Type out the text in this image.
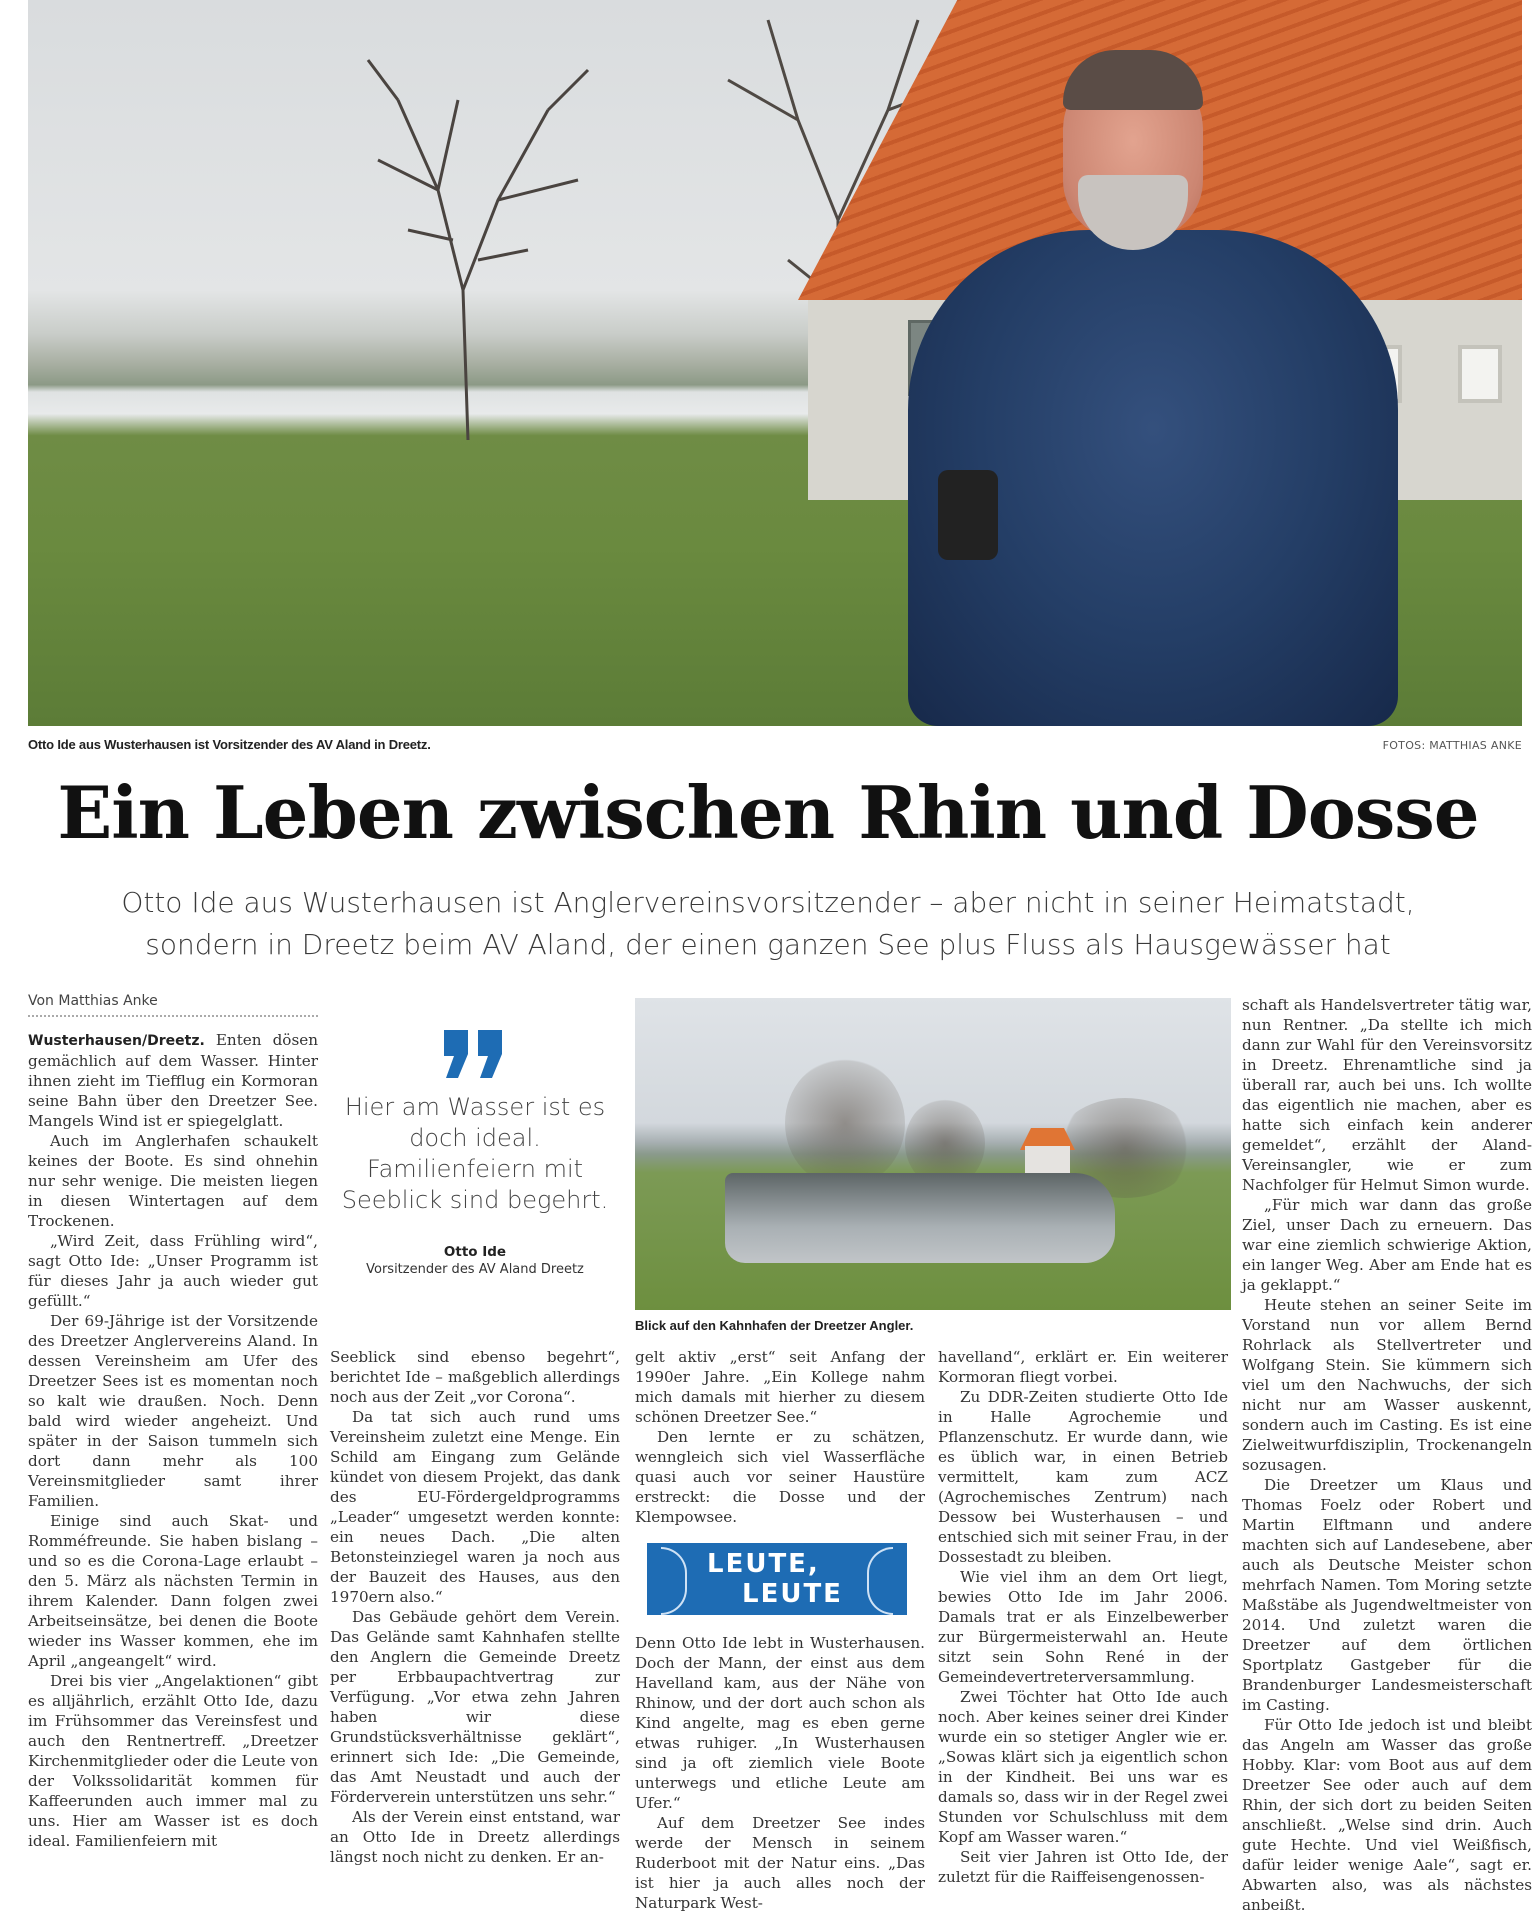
Otto Ide aus Wusterhausen ist Vorsitzender des AV Aland in Dreetz.	FOTOS: MATTHIAS ANKE
Ein Leben zwischen Rhin und Dosse
Otto Ide aus Wusterhausen ist Anglervereinsvorsitzender – aber nicht in seiner Heimatstadt,
sondern in Dreetz beim AV Aland, der einen ganzen See plus Fluss als Hausgewässer hat
Von Matthias Anke

Wusterhausen/Dreetz. Enten dösen gemächlich auf dem Wasser. Hinter ihnen zieht im Tiefflug ein Kormoran seine Bahn über den Dreetzer See. Mangels Wind ist er spiegelglatt.

Auch im Anglerhafen schaukelt keines der Boote. Es sind ohnehin nur sehr wenige. Die meisten liegen in diesen Wintertagen auf dem Trockenen.

„Wird Zeit, dass Frühling wird“, sagt Otto Ide: „Unser Programm ist für dieses Jahr ja auch wieder gut gefüllt.“

Der 69-Jährige ist der Vorsitzende des Dreetzer Anglervereins Aland. In dessen Vereinsheim am Ufer des Dreetzer Sees ist es momentan noch so kalt wie draußen. Noch. Denn bald wird wieder angeheizt. Und später in der Saison tummeln sich dort dann mehr als 100 Vereinsmitglieder samt ihrer Familien.

Einige sind auch Skat- und Romméfreunde. Sie haben bislang – und so es die Corona-Lage erlaubt – den 5. März als nächsten Termin in ihrem Kalender. Dann folgen zwei Arbeitseinsätze, bei denen die Boote wieder ins Wasser kommen, ehe im April „angeangelt“ wird.

Drei bis vier „Angelaktionen“ gibt es alljährlich, erzählt Otto Ide, dazu im Frühsommer das Vereinsfest und auch den Rentnertreff. „Dreetzer Kirchenmitglieder oder die Leute von der Volkssolidarität kommen für Kaffeerunden auch immer mal zu uns. Hier am Wasser ist es doch ideal. Familienfeiern mit

Hier am Wasser ist es doch ideal. Familienfeiern mit Seeblick sind begehrt.
Otto Ide
Vorsitzender des AV Aland Dreetz

Seeblick sind ebenso begehrt“, berichtet Ide – maßgeblich allerdings noch aus der Zeit „vor Corona“.

Da tat sich auch rund ums Vereinsheim zuletzt eine Menge. Ein Schild am Eingang zum Gelände kündet von diesem Projekt, das dank des EU-Fördergeldprogramms „Leader“ umgesetzt werden konnte: ein neues Dach. „Die alten Betonsteinziegel waren ja noch aus der Bauzeit des Hauses, aus den 1970ern also.“

Das Gebäude gehört dem Verein. Das Gelände samt Kahnhafen stellte den Anglern die Gemeinde Dreetz per Erbbaupachtvertrag zur Verfügung. „Vor etwa zehn Jahren haben wir diese Grundstücksverhältnisse geklärt“, erinnert sich Ide: „Die Gemeinde, das Amt Neustadt und auch der Förderverein unterstützen uns sehr.“

Als der Verein einst entstand, war an Otto Ide in Dreetz allerdings längst noch nicht zu denken. Er an-

Blick auf den Kahnhafen der Dreetzer Angler.

gelt aktiv „erst“ seit Anfang der 1990er Jahre. „Ein Kollege nahm mich damals mit hierher zu diesem schönen Dreetzer See.“

Den lernte er zu schätzen, wenngleich sich viel Wasserfläche quasi auch vor seiner Haustüre erstreckt: die Dosse und der Klempowsee.

LEUTE,
LEUTE

Denn Otto Ide lebt in Wusterhausen. Doch der Mann, der einst aus dem Havelland kam, aus der Nähe von Rhinow, und der dort auch schon als Kind angelte, mag es eben gerne etwas ruhiger. „In Wusterhausen sind ja oft ziemlich viele Boote unterwegs und etliche Leute am Ufer.“

Auf dem Dreetzer See indes werde der Mensch in seinem Ruderboot mit der Natur eins. „Das ist hier ja auch alles noch der Naturpark West-

havelland“, erklärt er. Ein weiterer Kormoran fliegt vorbei.

Zu DDR-Zeiten studierte Otto Ide in Halle Agrochemie und Pflanzenschutz. Er wurde dann, wie es üblich war, in einen Betrieb vermittelt, kam zum ACZ (Agrochemisches Zentrum) nach Dessow bei Wusterhausen – und entschied sich mit seiner Frau, in der Dossestadt zu bleiben.

Wie viel ihm an dem Ort liegt, bewies Otto Ide im Jahr 2006. Damals trat er als Einzelbewerber zur Bürgermeisterwahl an. Heute sitzt sein Sohn René in der Gemeindevertreterversammlung.

Zwei Töchter hat Otto Ide auch noch. Aber keines seiner drei Kinder wurde ein so stetiger Angler wie er. „Sowas klärt sich ja eigentlich schon in der Kindheit. Bei uns war es damals so, dass wir in der Regel zwei Stunden vor Schulschluss mit dem Kopf am Wasser waren.“

Seit vier Jahren ist Otto Ide, der zuletzt für die Raiffeisengenossen-

schaft als Handelsvertreter tätig war, nun Rentner. „Da stellte ich mich dann zur Wahl für den Vereinsvorsitz in Dreetz. Ehrenamtliche sind ja überall rar, auch bei uns. Ich wollte das eigentlich nie machen, aber es hatte sich einfach kein anderer gemeldet“, erzählt der Aland-Vereinsangler, wie er zum Nachfolger für Helmut Simon wurde.

„Für mich war dann das große Ziel, unser Dach zu erneuern. Das war eine ziemlich schwierige Aktion, ein langer Weg. Aber am Ende hat es ja geklappt.“

Heute stehen an seiner Seite im Vorstand nun vor allem Bernd Rohrlack als Stellvertreter und Wolfgang Stein. Sie kümmern sich viel um den Nachwuchs, der sich nicht nur am Wasser auskennt, sondern auch im Casting. Es ist eine Zielweitwurfdisziplin, Trockenangeln sozusagen.

Die Dreetzer um Klaus und Thomas Foelz oder Robert und Martin Elftmann und andere machten sich auf Landesebene, aber auch als Deutsche Meister schon mehrfach Namen. Tom Moring setzte Maßstäbe als Jugendweltmeister von 2014. Und zuletzt waren die Dreetzer auf dem örtlichen Sportplatz Gastgeber für die Brandenburger Landesmeisterschaft im Casting.

Für Otto Ide jedoch ist und bleibt das Angeln am Wasser das große Hobby. Klar: vom Boot aus auf dem Dreetzer See oder auch auf dem Rhin, der sich dort zu beiden Seiten anschließt. „Welse sind drin. Auch gute Hechte. Und viel Weißfisch, dafür leider wenige Aale“, sagt er. Abwarten also, was als nächstes anbeißt.
